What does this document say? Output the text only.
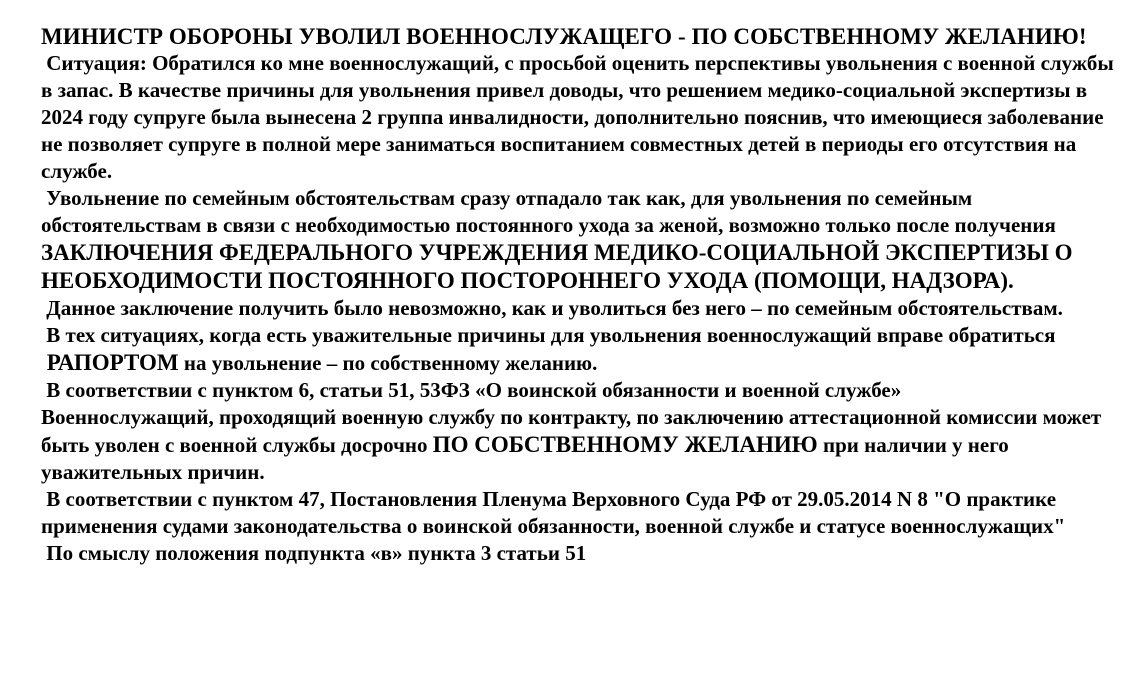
МИНИСТР ОБОРОНЫ УВОЛИЛ ВОЕННОСЛУЖАЩЕГО - ПО СОБСТВЕННОМУ ЖЕЛАНИЮ!
Ситуация: Обратился ко мне военнослужащий, с просьбой оценить перспективы увольнения с военной службы в запас. В качестве причины для увольнения привел доводы, что решением медико-социальной экспертизы в 2024 году супруге была вынесена 2 группа инвалидности, дополнительно пояснив, что имеющиеся заболевание не позволяет супруге в полной мере заниматься воспитанием совместных детей в периоды его отсутствия на службе.
Увольнение по семейным обстоятельствам сразу отпадало так как, для увольнения по семейным обстоятельствам в связи с необходимостью постоянного ухода за женой, возможно только после получения ЗАКЛЮЧЕНИЯ ФЕДЕРАЛЬНОГО УЧРЕЖДЕНИЯ МЕДИКО-СОЦИАЛЬНОЙ ЭКСПЕРТИЗЫ О НЕОБХОДИМОСТИ ПОСТОЯННОГО ПОСТОРОННЕГО УХОДА (ПОМОЩИ, НАДЗОРА).
Данное заключение получить было невозможно, как и уволиться без него – по семейным обстоятельствам.
В тех ситуациях, когда есть уважительные причины для увольнения военнослужащий вправе обратиться
РАПОРТОМ на увольнение – по собственному желанию.
В соответствии с пунктом 6, статьи 51, 53ФЗ «О воинской обязанности и военной службе»
Военнослужащий, проходящий военную службу по контракту, по заключению аттестационной комиссии может быть уволен с военной службы досрочно ПО СОБСТВЕННОМУ ЖЕЛАНИЮ при наличии у него уважительных причин.
В соответствии с пунктом 47, Постановления Пленума Верховного Суда РФ от 29.05.2014 N 8 "О практике применения судами законодательства о воинской обязанности, военной службе и статусе военнослужащих"
По смыслу положения подпункта «в» пункта 3 статьи 51
